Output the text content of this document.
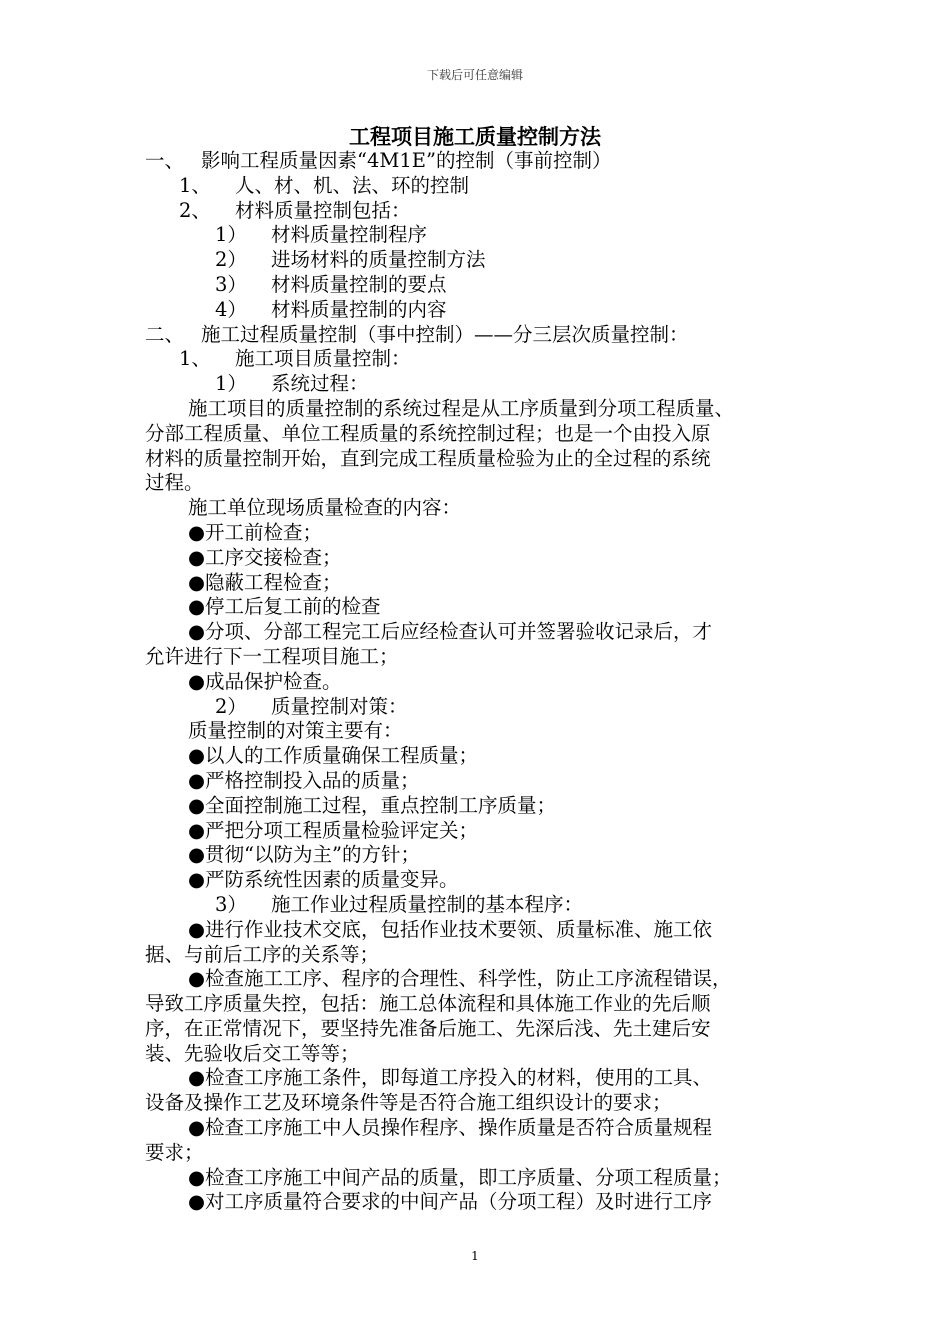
下载后可任意编辑
工程项目施工质量控制方法
一、 影响工程质量因素“4M1E”的控制（事前控制）
1、 人、材、机、法、环的控制
2、 材料质量控制包括：
1） 材料质量控制程序
2） 进场材料的质量控制方法
3） 材料质量控制的要点
4） 材料质量控制的内容
二、 施工过程质量控制（事中控制）——分三层次质量控制：
1、 施工项目质量控制：
1） 系统过程：
施工项目的质量控制的系统过程是从工序质量到分项工程质量、
分部工程质量、单位工程质量的系统控制过程；也是一个由投入原
材料的质量控制开始，直到完成工程质量检验为止的全过程的系统
过程。
施工单位现场质量检查的内容：
●开工前检查；
●工序交接检查；
●隐蔽工程检查；
●停工后复工前的检查
●分项、分部工程完工后应经检查认可并签署验收记录后，才
允许进行下一工程项目施工；
●成品保护检查。
2） 质量控制对策：
质量控制的对策主要有：
●以人的工作质量确保工程质量；
●严格控制投入品的质量；
●全面控制施工过程，重点控制工序质量；
●严把分项工程质量检验评定关；
●贯彻“以防为主”的方针；
●严防系统性因素的质量变异。
3） 施工作业过程质量控制的基本程序：
●进行作业技术交底，包括作业技术要领、质量标准、施工依
据、与前后工序的关系等；
●检查施工工序、程序的合理性、科学性，防止工序流程错误，
导致工序质量失控，包括：施工总体流程和具体施工作业的先后顺
序，在正常情况下，要坚持先准备后施工、先深后浅、先土建后安
装、先验收后交工等等；
●检查工序施工条件，即每道工序投入的材料，使用的工具、
设备及操作工艺及环境条件等是否符合施工组织设计的要求；
●检查工序施工中人员操作程序、操作质量是否符合质量规程
要求；
●检查工序施工中间产品的质量，即工序质量、分项工程质量；
●对工序质量符合要求的中间产品（分项工程）及时进行工序
1
